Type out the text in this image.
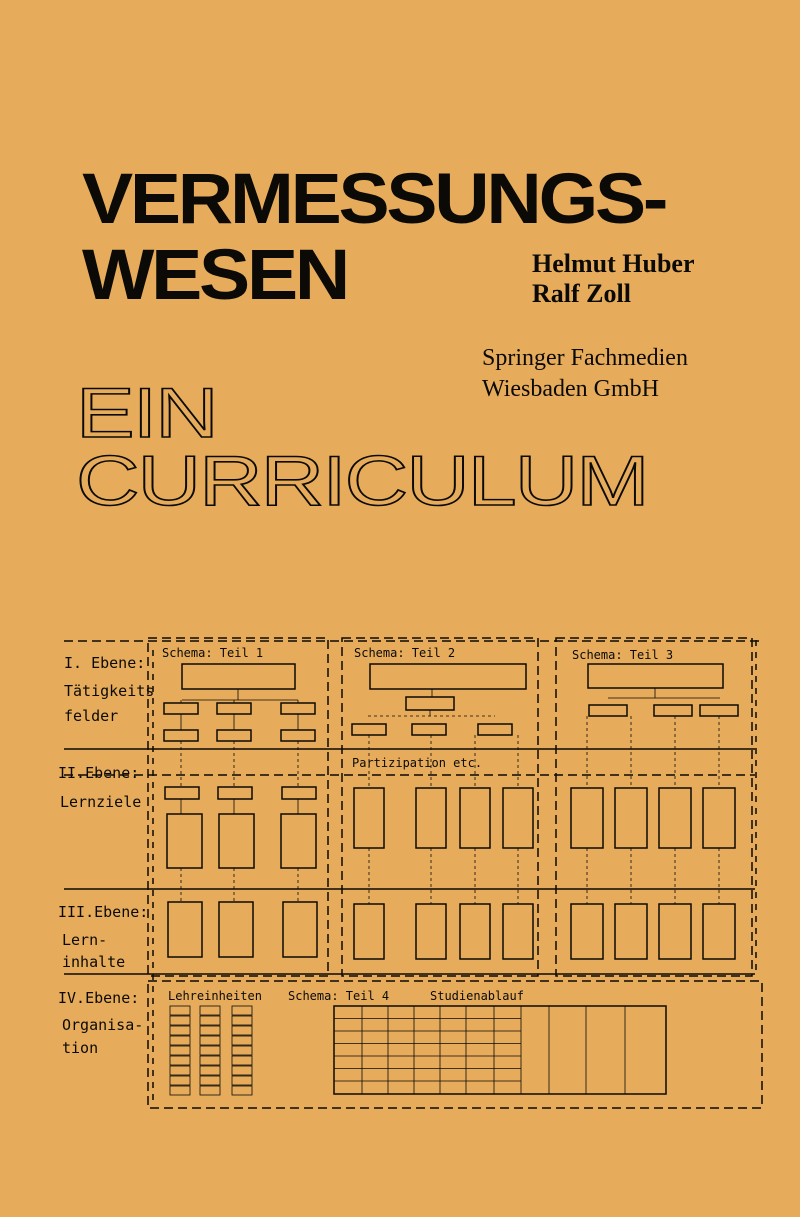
VERMESSUNGS-
WESEN	Helmut Huber
Ralf Zoll
Springer Fachmedien
Wiesbaden GmbH
EIN
CURRICULUM
I. Ebene:
Tätigkeits
felder
II.Ebene:
Lernziele
III.Ebene:
Lern-
inhalte
IV.Ebene:
Organisa-
tion
Schema: Teil 1	Schema: Teil 2	Schema: Teil 3
Partizipation etc.
Lehreinheiten Schema: Teil 4	Studienablauf
